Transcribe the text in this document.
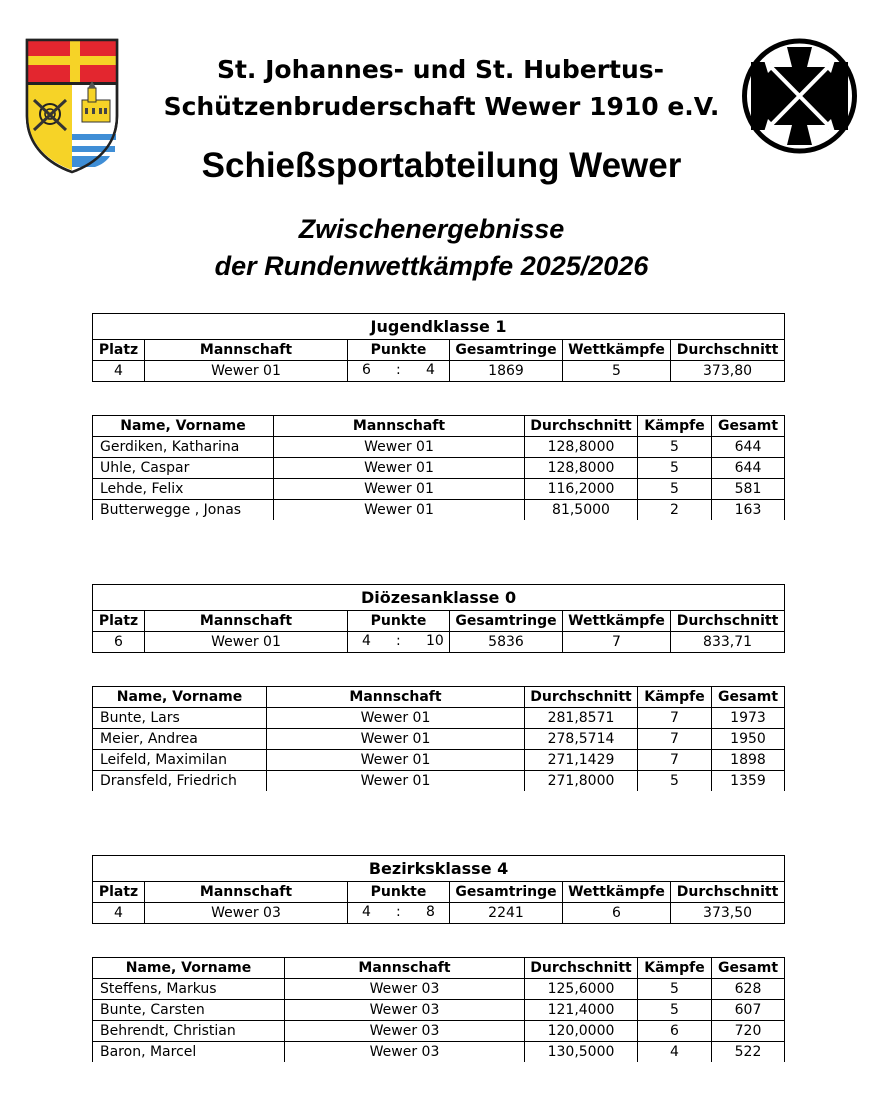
St. Johannes- und St. Hubertus-
Schützenbruderschaft Wewer 1910 e.V.
Schießsportabteilung Wewer
Zwischenergebnisse
der Rundenwettkämpfe 2025/2026
Jugendklasse 1					
Platz	Mannschaft	Punkte	Gesamtringe	Wettkämpfe	Durchschnitt
4	Wewer 01	6 : 4	1869	5	373,80
Name, Vorname	Mannschaft	Durchschnitt	Kämpfe	Gesamt
Gerdiken, Katharina	Wewer 01	128,8000	5	644
Uhle, Caspar	Wewer 01	128,8000	5	644
Lehde, Felix	Wewer 01	116,2000	5	581
Butterwegge , Jonas	Wewer 01	81,5000	2	163
Diözesanklasse 0					
Platz	Mannschaft	Punkte	Gesamtringe	Wettkämpfe	Durchschnitt
6	Wewer 01	4 : 10	5836	7	833,71
Name, Vorname	Mannschaft	Durchschnitt	Kämpfe	Gesamt
Bunte, Lars	Wewer 01	281,8571	7	1973
Meier, Andrea	Wewer 01	278,5714	7	1950
Leifeld, Maximilan	Wewer 01	271,1429	7	1898
Dransfeld, Friedrich	Wewer 01	271,8000	5	1359
Bezirksklasse 4					
Platz	Mannschaft	Punkte	Gesamtringe	Wettkämpfe	Durchschnitt
4	Wewer 03	4 : 8	2241	6	373,50
Name, Vorname	Mannschaft	Durchschnitt	Kämpfe	Gesamt
Steffens, Markus	Wewer 03	125,6000	5	628
Bunte, Carsten	Wewer 03	121,4000	5	607
Behrendt, Christian	Wewer 03	120,0000	6	720
Baron, Marcel	Wewer 03	130,5000	4	522
